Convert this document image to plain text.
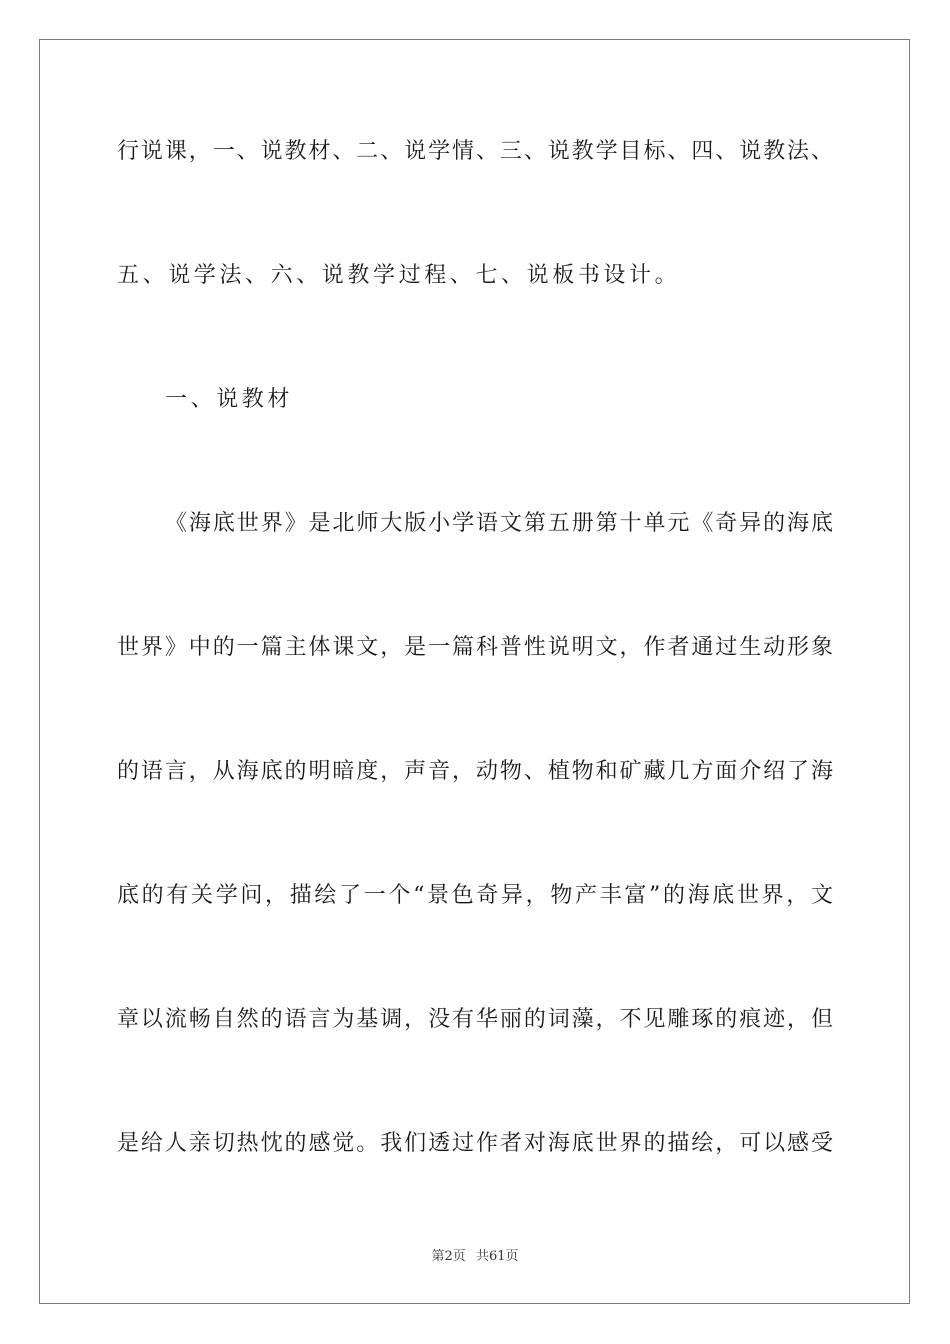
行说课，一、说教材、二、说学情、三、说教学目标、四、说教法、
五、说学法、六、说教学过程、七、说板书设计。
一、说教材
《海底世界》是北师大版小学语文第五册第十单元《奇异的海底
世界》中的一篇主体课文，是一篇科普性说明文，作者通过生动形象
的语言，从海底的明暗度，声音，动物、植物和矿藏几方面介绍了海
底的有关学问，描绘了一个“景色奇异，物产丰富”的海底世界，文
章以流畅自然的语言为基调，没有华丽的词藻，不见雕琢的痕迹，但
是给人亲切热忱的感觉。我们透过作者对海底世界的描绘，可以感受
第2页 共61页
